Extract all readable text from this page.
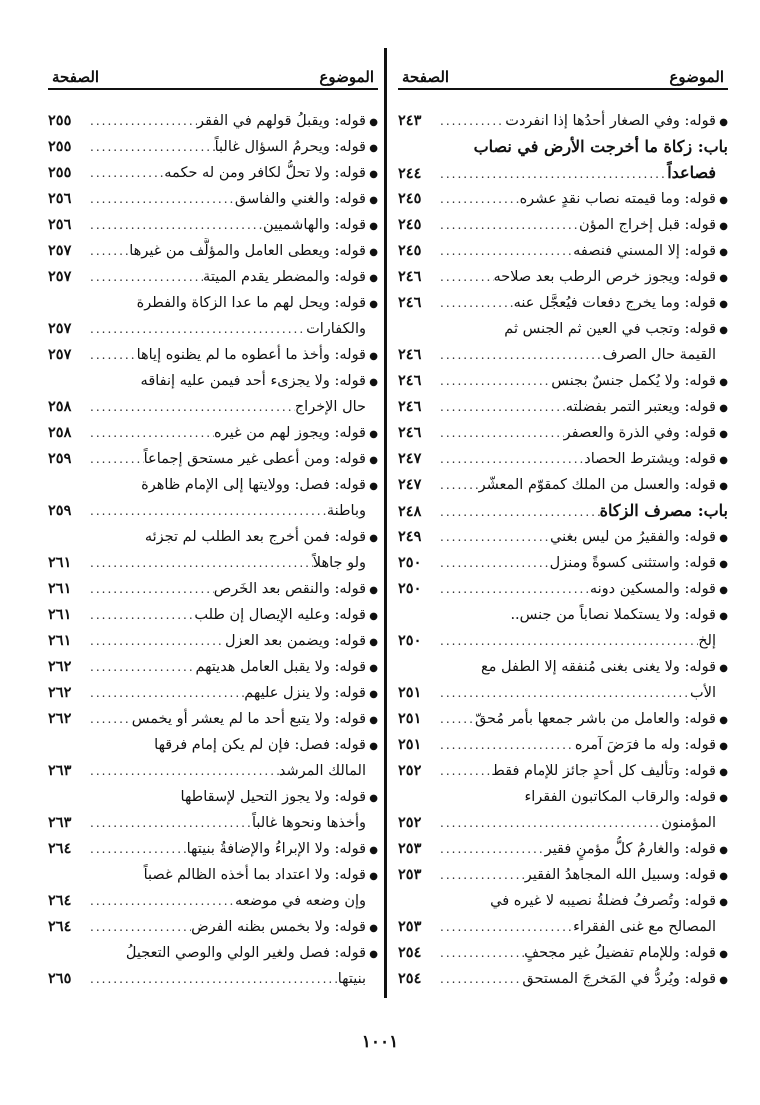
الموضوع
الصفحة
●
قوله: وفي الصغار أحدُها إذا انفردت
.....
٢٤٣
باب: زكاة ما أخرجت الأرض في نصاب
فصاعداً
.....
٢٤٤
●
قوله: وما قيمته نصاب نقدٍ عشره
.....
٢٤٥
●
قوله: قبل إخراج المؤن
.....
٢٤٥
●
قوله: إلا المسني فنصفه
.....
٢٤٥
●
قوله: ويجوز خرص الرطب بعد صلاحه
.....
٢٤٦
●
قوله: وما يخرج دفعات فيُعجَّل عنه
.....
٢٤٦
●
قوله: وتجب في العين ثم الجنس ثم
القيمة حال الصرف
.....
٢٤٦
●
قوله: ولا يُكمل جنسٌ بجنس
.....
٢٤٦
●
قوله: ويعتبر التمر بفضلته
.....
٢٤٦
●
قوله: وفي الذرة والعصفر
.....
٢٤٦
●
قوله: ويشترط الحصاد
.....
٢٤٧
●
قوله: والعسل من الملك كمقوّم المعشّر
.....
٢٤٧
باب: مصرف الزكاة
.....
٢٤٨
●
قوله: والفقيرُ من ليس بغني
.....
٢٤٩
●
قوله: واستثنى كسوةً ومنزل
.....
٢٥٠
●
قوله: والمسكين دونه
.....
٢٥٠
●
قوله: ولا يستكملا نصاباً من جنس..
إلخ
.....
٢٥٠
●
قوله: ولا يغنى بغنى مُنفقه إلا الطفل مع
الأب
.....
٢٥١
●
قوله: والعامل من باشر جمعها بأمر مُحقّ
.....
٢٥١
●
قوله: وله ما فرَضَ آمره
.....
٢٥١
●
قوله: وتأليف كل أحدٍ جائز للإمام فقط
.....
٢٥٢
●
قوله: والرقاب المكاتبون الفقراء
المؤمنون
.....
٢٥٢
●
قوله: والغارمُ كلُّ مؤمنٍ فقير
.....
٢٥٣
●
قوله: وسبيل الله المجاهدُ الفقير
.....
٢٥٣
●
قوله: وتُصرفُ فضلةُ نصيبه لا غيره في
المصالح مع غنى الفقراء
.....
٢٥٣
●
قوله: وللإمام تفضيلُ غير مجحفٍ
.....
٢٥٤
●
قوله: ويُردُّ في المَخرجَ المستحق
.....
٢٥٤
الموضوع
الصفحة
●
قوله: ويقبلُ قولهم في الفقر
.....
٢٥٥
●
قوله: ويحرمُ السؤال غالباً
.....
٢٥٥
●
قوله: ولا تحلُّ لكافر ومن له حكمه
.....
٢٥٥
●
قوله: والغني والفاسق
.....
٢٥٦
●
قوله: والهاشميين
.....
٢٥٦
●
قوله: ويعطى العامل والمؤلَّف من غيرها
.....
٢٥٧
●
قوله: والمضطر يقدم الميتة
.....
٢٥٧
●
قوله: ويحل لهم ما عدا الزكاة والفطرة
والكفارات
.....
٢٥٧
●
قوله: وأخذ ما أعطوه ما لم يظنوه إياها
.....
٢٥٧
●
قوله: ولا يجزىء أحد فيمن عليه إنفاقه
حال الإخراج
.....
٢٥٨
●
قوله: ويجوز لهم من غيره
.....
٢٥٨
●
قوله: ومن أعطى غير مستحق إجماعاً
.....
٢٥٩
●
قوله: فصل: وولايتها إلى الإمام ظاهرة
وباطنة
.....
٢٥٩
●
قوله: فمن أخرج بعد الطلب لم تجزئه
ولو جاهلاً
.....
٢٦١
●
قوله: والنقص بعد الخَرص
.....
٢٦١
●
قوله: وعليه الإيصال إن طلب
.....
٢٦١
●
قوله: ويضمن بعد العزل
.....
٢٦١
●
قوله: ولا يقبل العامل هديتهم
.....
٢٦٢
●
قوله: ولا ينزل عليهم
.....
٢٦٢
●
قوله: ولا يتبع أحد ما لم يعشر أو يخمس
.....
٢٦٢
●
قوله: فصل: فإن لم يكن إمام فرقها
المالك المرشد
.....
٢٦٣
●
قوله: ولا يجوز التحيل لإسقاطها
وأخذها ونحوها غالباً
.....
٢٦٣
●
قوله: ولا الإبراءُ والإضافةُ بنيتها
.....
٢٦٤
●
قوله: ولا اعتداد بما أخذه الظالم غصباً
وإن وضعه في موضعه
.....
٢٦٤
●
قوله: ولا بخمس بظنه الفرض
.....
٢٦٤
●
قوله: فصل ولغير الولي والوصي التعجيلُ
بنيتها
.....
٢٦٥
١٠٠١
